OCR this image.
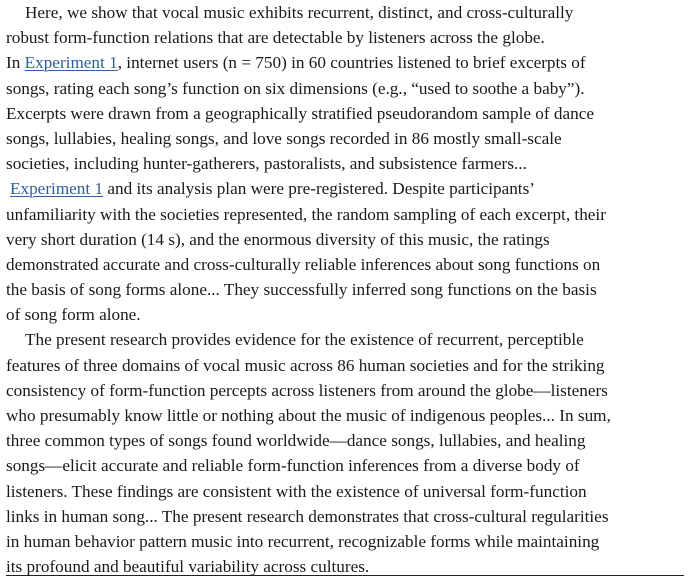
Here, we show that vocal music exhibits recurrent, distinct, and cross-culturally
robust form-function relations that are detectable by listeners across the globe.
In Experiment 1, internet users (n = 750) in 60 countries listened to brief excerpts of
songs, rating each song’s function on six dimensions (e.g., “used to soothe a baby”).
Excerpts were drawn from a geographically stratified pseudorandom sample of dance
songs, lullabies, healing songs, and love songs recorded in 86 mostly small-scale
societies, including hunter-gatherers, pastoralists, and subsistence farmers...
Experiment 1 and its analysis plan were pre-registered. Despite participants’
unfamiliarity with the societies represented, the random sampling of each excerpt, their
very short duration (14 s), and the enormous diversity of this music, the ratings
demonstrated accurate and cross-culturally reliable inferences about song functions on
the basis of song forms alone... They successfully inferred song functions on the basis
of song form alone.
The present research provides evidence for the existence of recurrent, perceptible
features of three domains of vocal music across 86 human societies and for the striking
consistency of form-function percepts across listeners from around the globe—listeners
who presumably know little or nothing about the music of indigenous peoples... In sum,
three common types of songs found worldwide—dance songs, lullabies, and healing
songs—elicit accurate and reliable form-function inferences from a diverse body of
listeners. These findings are consistent with the existence of universal form-function
links in human song... The present research demonstrates that cross-cultural regularities
in human behavior pattern music into recurrent, recognizable forms while maintaining
its profound and beautiful variability across cultures.
